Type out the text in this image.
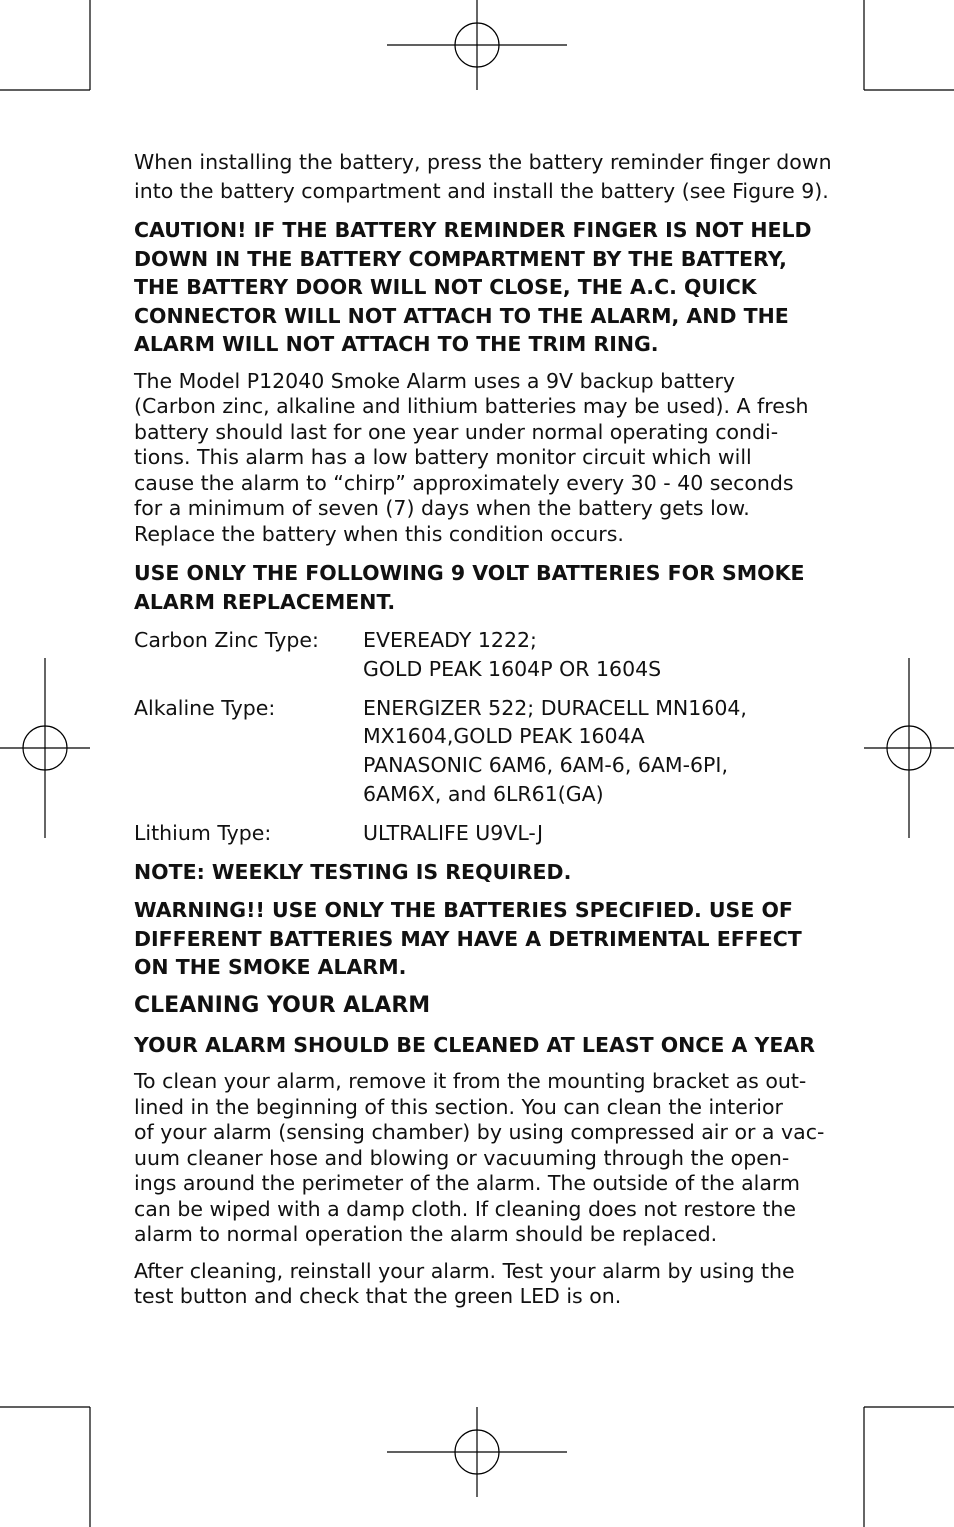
When installing the battery, press the battery reminder finger down into the battery compartment and install the battery (see Figure 9).

CAUTION! IF THE BATTERY REMINDER FINGER IS NOT HELD
DOWN IN THE BATTERY COMPARTMENT BY THE BATTERY,
THE BATTERY DOOR WILL NOT CLOSE, THE A.C. QUICK
CONNECTOR WILL NOT ATTACH TO THE ALARM, AND THE
ALARM WILL NOT ATTACH TO THE TRIM RING.
The Model P12040 Smoke Alarm uses a 9V backup battery
(Carbon zinc, alkaline and lithium batteries may be used). A fresh
battery should last for one year under normal operating condi-
tions. This alarm has a low battery monitor circuit which will
cause the alarm to “chirp” approximately every 30 - 40 seconds
for a minimum of seven (7) days when the battery gets low.
Replace the battery when this condition occurs.
USE ONLY THE FOLLOWING 9 VOLT BATTERIES FOR SMOKE
ALARM REPLACEMENT.
Carbon Zinc Type:	EVEREADY 1222;
GOLD PEAK 1604P OR 1604S
Alkaline Type:	ENERGIZER 522; DURACELL MN1604,
MX1604,GOLD PEAK 1604A
PANASONIC 6AM6, 6AM-6, 6AM-6PI,
6AM6X, and 6LR61(GA)
Lithium Type:	ULTRALIFE U9VL-J
NOTE: WEEKLY TESTING IS REQUIRED.
WARNING!! USE ONLY THE BATTERIES SPECIFIED. USE OF
DIFFERENT BATTERIES MAY HAVE A DETRIMENTAL EFFECT
ON THE SMOKE ALARM.
CLEANING YOUR ALARM
YOUR ALARM SHOULD BE CLEANED AT LEAST ONCE A YEAR
To clean your alarm, remove it from the mounting bracket as out-
lined in the beginning of this section. You can clean the interior
of your alarm (sensing chamber) by using compressed air or a vac-
uum cleaner hose and blowing or vacuuming through the open-
ings around the perimeter of the alarm. The outside of the alarm
can be wiped with a damp cloth. If cleaning does not restore the
alarm to normal operation the alarm should be replaced.
After cleaning, reinstall your alarm. Test your alarm by using the
test button and check that the green LED is on.
